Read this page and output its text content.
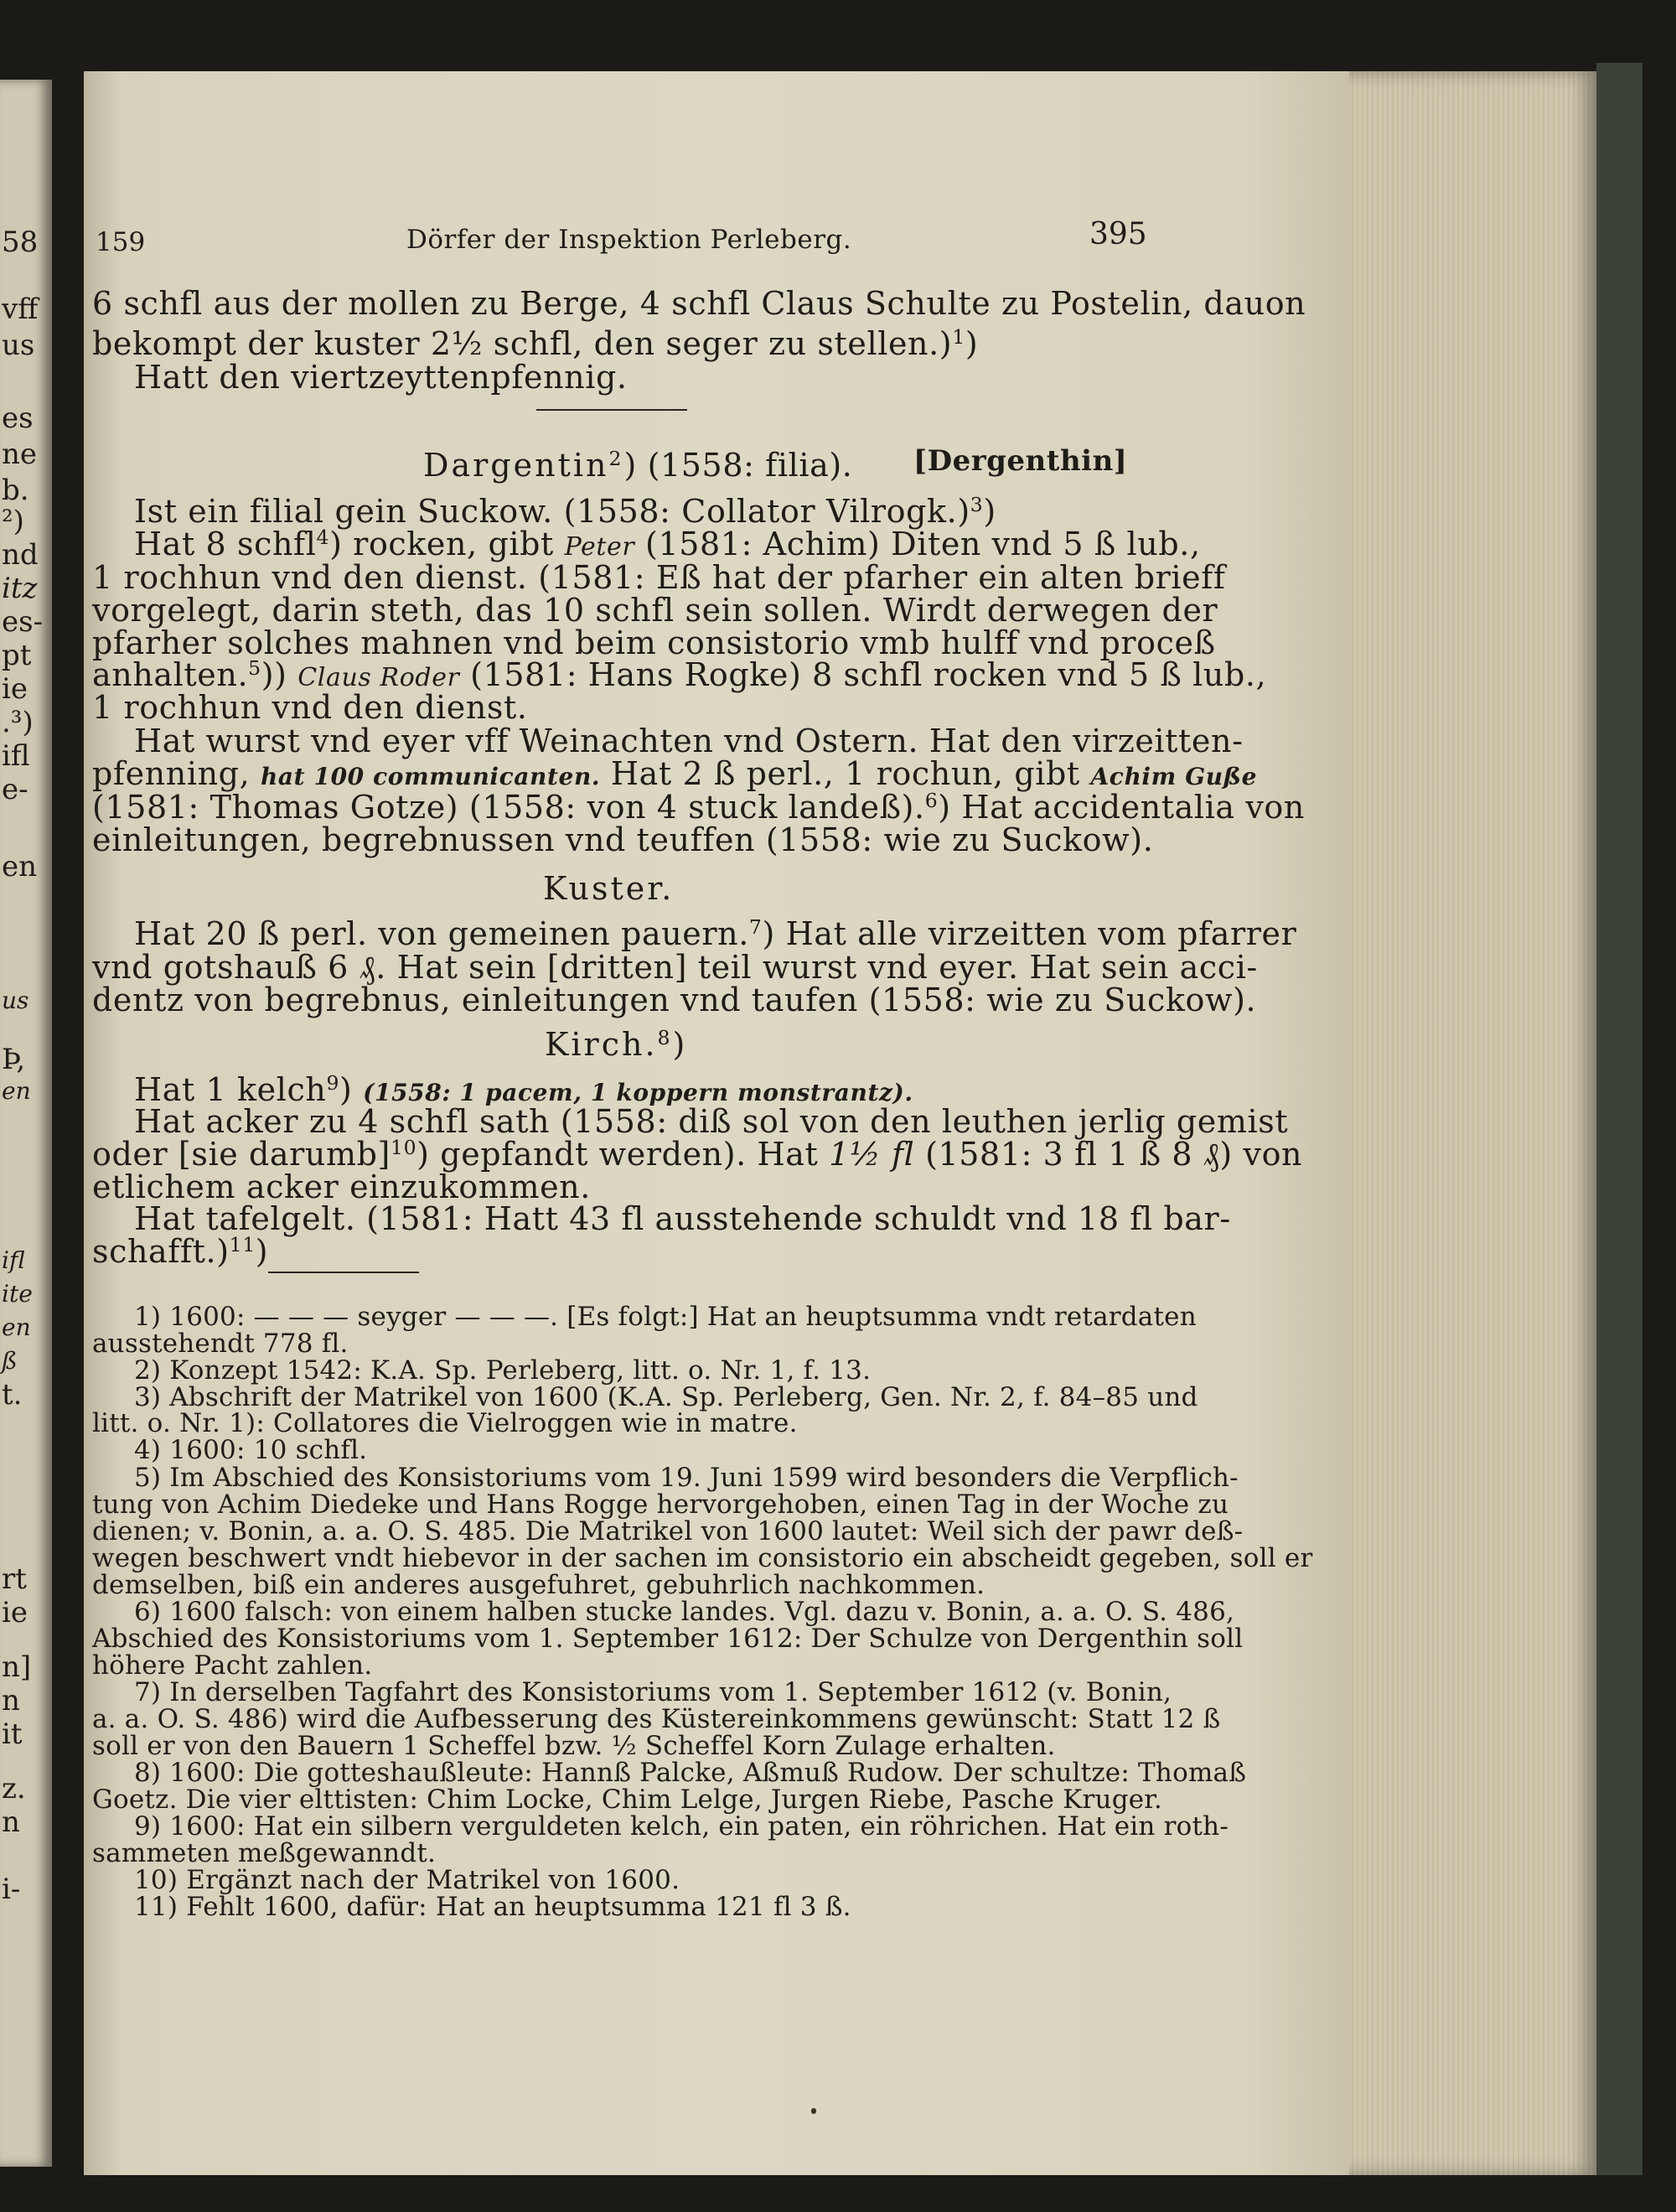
58
vff
us
es
ne
b.
²)
nd
itz
es-
pt
ie
.³)
ifl
e-
en
us
Þ,
en
ifl
ite
en
ß
t.
rt
ie
n]
n
it
z.
n
i-
159	Dörfer der Inspektion Perleberg.	395
6 schfl aus der mollen zu Berge, 4 schfl Claus Schulte zu Postelin, dauon
bekompt der kuster 2½ schfl, den seger zu stellen.)$^1$)
Hatt den viertzeyttenpfennig.
Dargentin$^2$) (1558: filia). [Dergenthin]
Ist ein filial gein Suckow. (1558: Collator Vilrogk.)$^3$)
Hat 8 schfl$^4$) rocken, gibt Peter (1581: Achim) Diten vnd 5 ß lub.,
1 rochhun vnd den dienst. (1581: Eß hat der pfarher ein alten brieff
vorgelegt, darin steth, das 10 schfl sein sollen. Wirdt derwegen der
pfarher solches mahnen vnd beim consistorio vmb hulff vnd proceß
anhalten.$^5$)) Claus Roder (1581: Hans Rogke) 8 schfl rocken vnd 5 ß lub.,
1 rochhun vnd den dienst.
Hat wurst vnd eyer vff Weinachten vnd Ostern. Hat den virzeitten-
pfenning, hat 100 communicanten. Hat 2 ß perl., 1 rochun, gibt Achim Guße
(1581: Thomas Gotze) (1558: von 4 stuck landeß).$^6$) Hat accidentalia von
einleitungen, begrebnussen vnd teuffen (1558: wie zu Suckow).
Kuster.
Hat 20 ß perl. von gemeinen pauern.$^7$) Hat alle virzeitten vom pfarrer
vnd gotshauß 6 ₰. Hat sein [dritten] teil wurst vnd eyer. Hat sein acci-
dentz von begrebnus, einleitungen vnd taufen (1558: wie zu Suckow).
Kirch.$^8$)
Hat 1 kelch$^9$) (1558: 1 pacem, 1 koppern monstrantz).
Hat acker zu 4 schfl sath (1558: diß sol von den leuthen jerlig gemist
oder [sie darumb]$^{10}$) gepfandt werden). Hat 1½ fl (1581: 3 fl 1 ß 8 ₰) von
etlichem acker einzukommen.
Hat tafelgelt. (1581: Hatt 43 fl ausstehende schuldt vnd 18 fl bar-
schafft.)$^{11}$)
1) 1600: — — — seyger — — —. [Es folgt:] Hat an heuptsumma vndt retardaten
ausstehendt 778 fl.
2) Konzept 1542: K.A. Sp. Perleberg, litt. o. Nr. 1, f. 13.
3) Abschrift der Matrikel von 1600 (K.A. Sp. Perleberg, Gen. Nr. 2, f. 84–85 und
litt. o. Nr. 1): Collatores die Vielroggen wie in matre.
4) 1600: 10 schfl.
5) Im Abschied des Konsistoriums vom 19. Juni 1599 wird besonders die Verpflich-
tung von Achim Diedeke und Hans Rogge hervorgehoben, einen Tag in der Woche zu
dienen; v. Bonin, a. a. O. S. 485. Die Matrikel von 1600 lautet: Weil sich der pawr deß-
wegen beschwert vndt hiebevor in der sachen im consistorio ein abscheidt gegeben, soll er
demselben, biß ein anderes ausgefuhret, gebuhrlich nachkommen.
6) 1600 falsch: von einem halben stucke landes. Vgl. dazu v. Bonin, a. a. O. S. 486,
Abschied des Konsistoriums vom 1. September 1612: Der Schulze von Dergenthin soll
höhere Pacht zahlen.
7) In derselben Tagfahrt des Konsistoriums vom 1. September 1612 (v. Bonin,
a. a. O. S. 486) wird die Aufbesserung des Küstereinkommens gewünscht: Statt 12 ß
soll er von den Bauern 1 Scheffel bzw. ½ Scheffel Korn Zulage erhalten.
8) 1600: Die gotteshaußleute: Hannß Palcke, Aßmuß Rudow. Der schultze: Thomaß
Goetz. Die vier elttisten: Chim Locke, Chim Lelge, Jurgen Riebe, Pasche Kruger.
9) 1600: Hat ein silbern verguldeten kelch, ein paten, ein röhrichen. Hat ein roth-
sammeten meßgewanndt.
10) Ergänzt nach der Matrikel von 1600.
11) Fehlt 1600, dafür: Hat an heuptsumma 121 fl 3 ß.
